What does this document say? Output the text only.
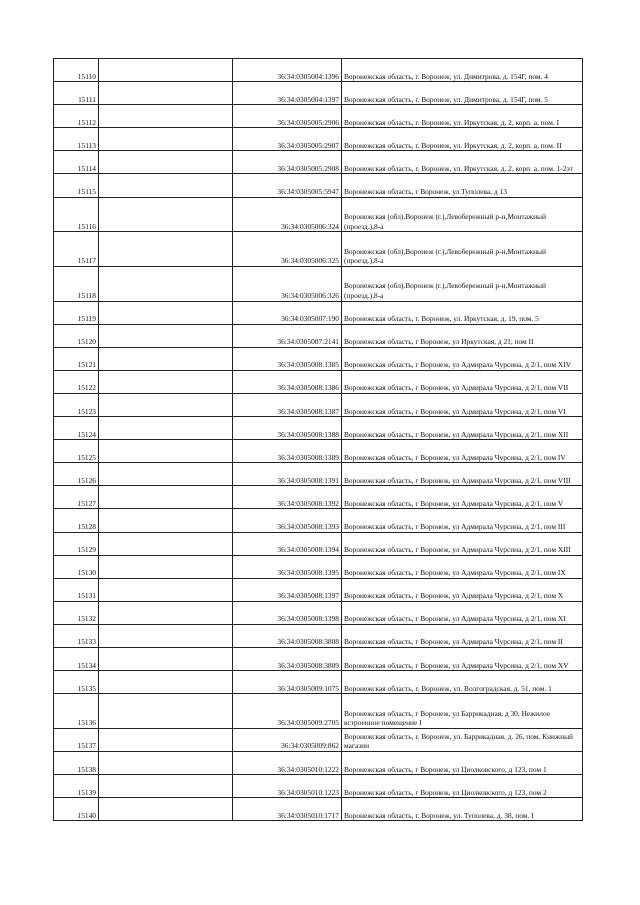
15110		36:34:0305004:1396	Воронежская область, г. Воронеж, ул. Димитрова, д. 154Г, пом. 4
15111		36:34:0305004:1397	Воронежская область, г. Воронеж, ул. Димитрова, д. 154Г, пом. 5
15112		36:34:0305005:2906	Воронежская область, г. Воронеж, ул. Иркутская, д. 2, корп. а, пом. I
15113		36:34:0305005:2907	Воронежская область, г. Воронеж, ул. Иркутская, д. 2, корп. а, пом. II
15114		36:34:0305005:2908	Воронежская область, г. Воронеж, ул. Иркутская, д. 2, корп. а, пом. 1-2эт
15115		36:34:0305005:5947	Воронежская область, г Воронеж, ул Туполева, д 13
15116		36:34:0305006:324	Воронежская (обл),Воронеж (г.),Левобережный р-н,Монтажный (проезд.),8-а
15117		36:34:0305006:325	Воронежская (обл),Воронеж (г.),Левобережный р-н,Монтажный (проезд.),8-а
15118		36:34:0305006:326	Воронежская (обл),Воронеж (г.),Левобережный р-н,Монтажный (проезд.),8-а
15119		36:34:0305007:190	Воронежская область, г. Воронеж, ул. Иркутская, д. 19, пом. 5
15120		36:34:0305007:2141	Воронежская область, г Воронеж, ул Иркутская, д 21, пом II
15121		36:34:0305008:1385	Воронежская область, г Воронеж, ул Адмирала Чурсина, д 2/1, пом XIV
15122		36:34:0305008:1386	Воронежская область, г Воронеж, ул Адмирала Чурсина, д 2/1, пом VII
15123		36:34:0305008:1387	Воронежская область, г Воронеж, ул Адмирала Чурсина, д 2/1, пом VI
15124		36:34:0305008:1388	Воронежская область, г Воронеж, ул Адмирала Чурсина, д 2/1, пом XII
15125		36:34:0305008:1389	Воронежская область, г Воронеж, ул Адмирала Чурсина, д 2/1, пом IV
15126		36:34:0305008:1391	Воронежская область, г Воронеж, ул Адмирала Чурсина, д 2/1, пом VIII
15127		36:34:0305008:1392	Воронежская область, г Воронеж, ул Адмирала Чурсина, д 2/1, пом V
15128		36:34:0305008:1393	Воронежская область, г Воронеж, ул Адмирала Чурсина, д 2/1, пом III
15129		36:34:0305008:1394	Воронежская область, г Воронеж, ул Адмирала Чурсина, д 2/1, пом XIII
15130		36:34:0305008:1395	Воронежская область, г Воронеж, ул Адмирала Чурсина, д 2/1, пом IX
15131		36:34:0305008:1397	Воронежская область, г Воронеж, ул Адмирала Чурсина, д 2/1, пом X
15132		36:34:0305008:1398	Воронежская область, г Воронеж, ул Адмирала Чурсина, д 2/1, пом XI
15133		36:34:0305008:3808	Воронежская область, г Воронеж, ул Адмирала Чурсина, д 2/1, пом II
15134		36:34:0305008:3809	Воронежская область, г Воронеж, ул Адмирала Чурсина, д 2/1, пом XV
15135		36:34:0305009:1075	Воронежская область, г. Воронеж, ул. Волгоградская, д. 51, пом. 1
15136		36:34:0305009:2705	Воронежская область, г Воронеж, ул Баррикадная, д 30, Нежилое встроенное помещение I
15137		36:34:0305009:862	Воронежская область, г. Воронеж, ул. Баррикадная, д. 26, пом. Книжный магазин
15138		36:34:0305010:1222	Воронежская область, г Воронеж, ул Циолковского, д 123, пом 1
15139		36:34:0305010:1223	Воронежская область, г Воронеж, ул Циолковского, д 123, пом 2
15140		36:34:0305010:1717	Воронежская область, г. Воронеж, ул. Туполева, д. 38, пом. I
